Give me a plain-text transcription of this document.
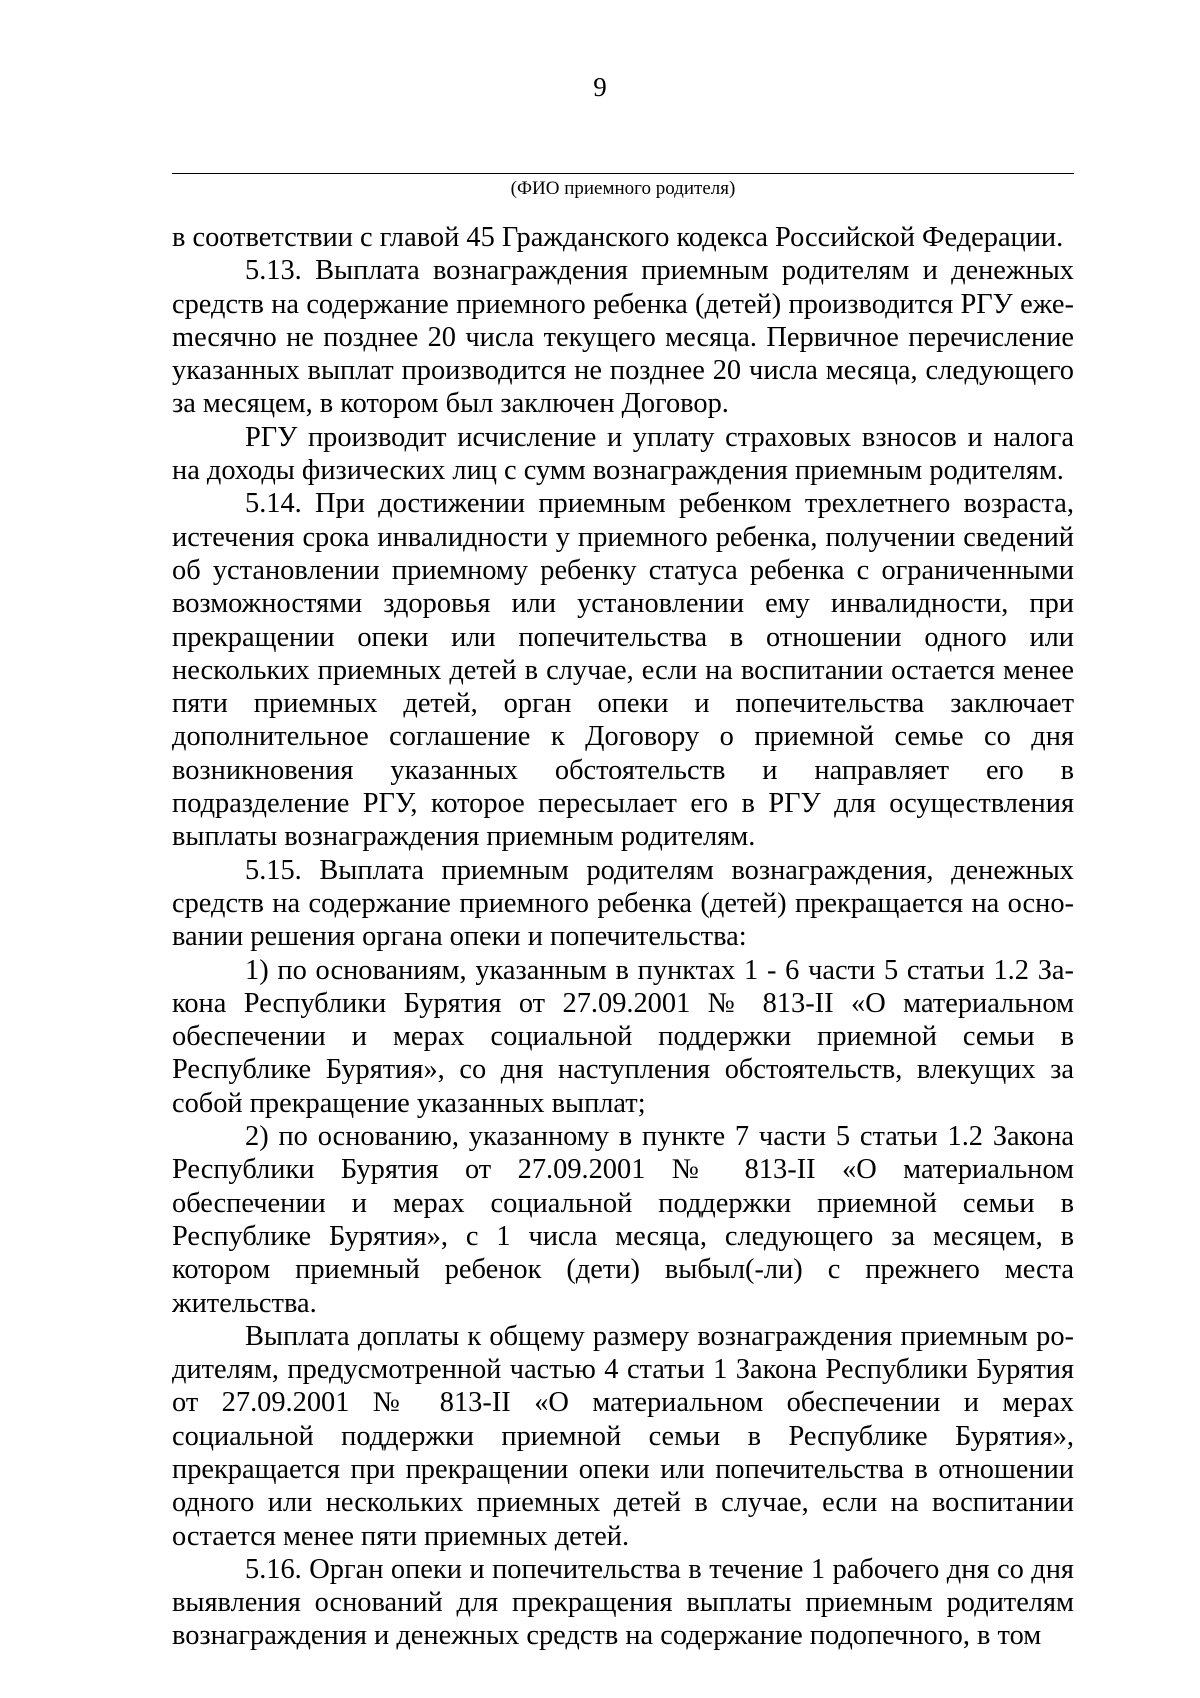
9
(ФИО приемного родителя)

в соответствии с главой 45 Гражданского кодекса Российской Федерации.

5.13. Выплата вознаграждения приемным родителям и денежных средств на содержание приемного ребенка (детей) производится РГУ ежеmесячно не позднее 20 числа текущего месяца. Первичное перечисление указанных выплат производится не позднее 20 числа месяца, следующего за месяцем, в котором был заключен Договор.

РГУ производит исчисление и уплату страховых взносов и налога на доходы физических лиц с сумм вознаграждения приемным родителям.

5.14. При достижении приемным ребенком трехлетнего возраста, истечения срока инвалидности у приемного ребенка, получении сведений об установлении приемному ребенку статуса ребенка с ограниченными возможностями здоровья или установлении ему инвалидности, при прекращении опеки или попечительства в отношении одного или нескольких приемных детей в случае, если на воспитании остается менее пяти приемных детей, орган опеки и попечительства заключает дополнительное соглашение к Договору о приемной семье со дня возникновения указанных обстоятельств и направляет его в подразделение РГУ, которое пересылает его в РГУ для осуществления выплаты вознаграждения приемным родителям.

5.15. Выплата приемным родителям вознаграждения, денежных средств на содержание приемного ребенка (детей) прекращается на основании решения органа опеки и попечительства:

1) по основаниям, указанным в пунктах 1 - 6 части 5 статьи 1.2 Закона Республики Бурятия от 27.09.2001 № 813-II «О материальном обеспечении и мерах социальной поддержки приемной семьи в Республике Бурятия», со дня наступления обстоятельств, влекущих за собой прекращение указанных выплат;

2) по основанию, указанному в пункте 7 части 5 статьи 1.2 Закона Республики Бурятия от 27.09.2001 № 813-II «О материальном обеспечении и мерах социальной поддержки приемной семьи в Республике Бурятия», с 1 числа месяца, следующего за месяцем, в котором приемный ребенок (дети) выбыл(-ли) с прежнего места жительства.

Выплата доплаты к общему размеру вознаграждения приемным родителям, предусмотренной частью 4 статьи 1 Закона Республики Бурятия от 27.09.2001 № 813-II «О материальном обеспечении и мерах социальной поддержки приемной семьи в Республике Бурятия», прекращается при прекращении опеки или попечительства в отношении одного или нескольких приемных детей в случае, если на воспитании остается менее пяти приемных детей.

5.16. Орган опеки и попечительства в течение 1 рабочего дня со дня выявления оснований для прекращения выплаты приемным родителям вознаграждения и денежных средств на содержание подопечного, в том
